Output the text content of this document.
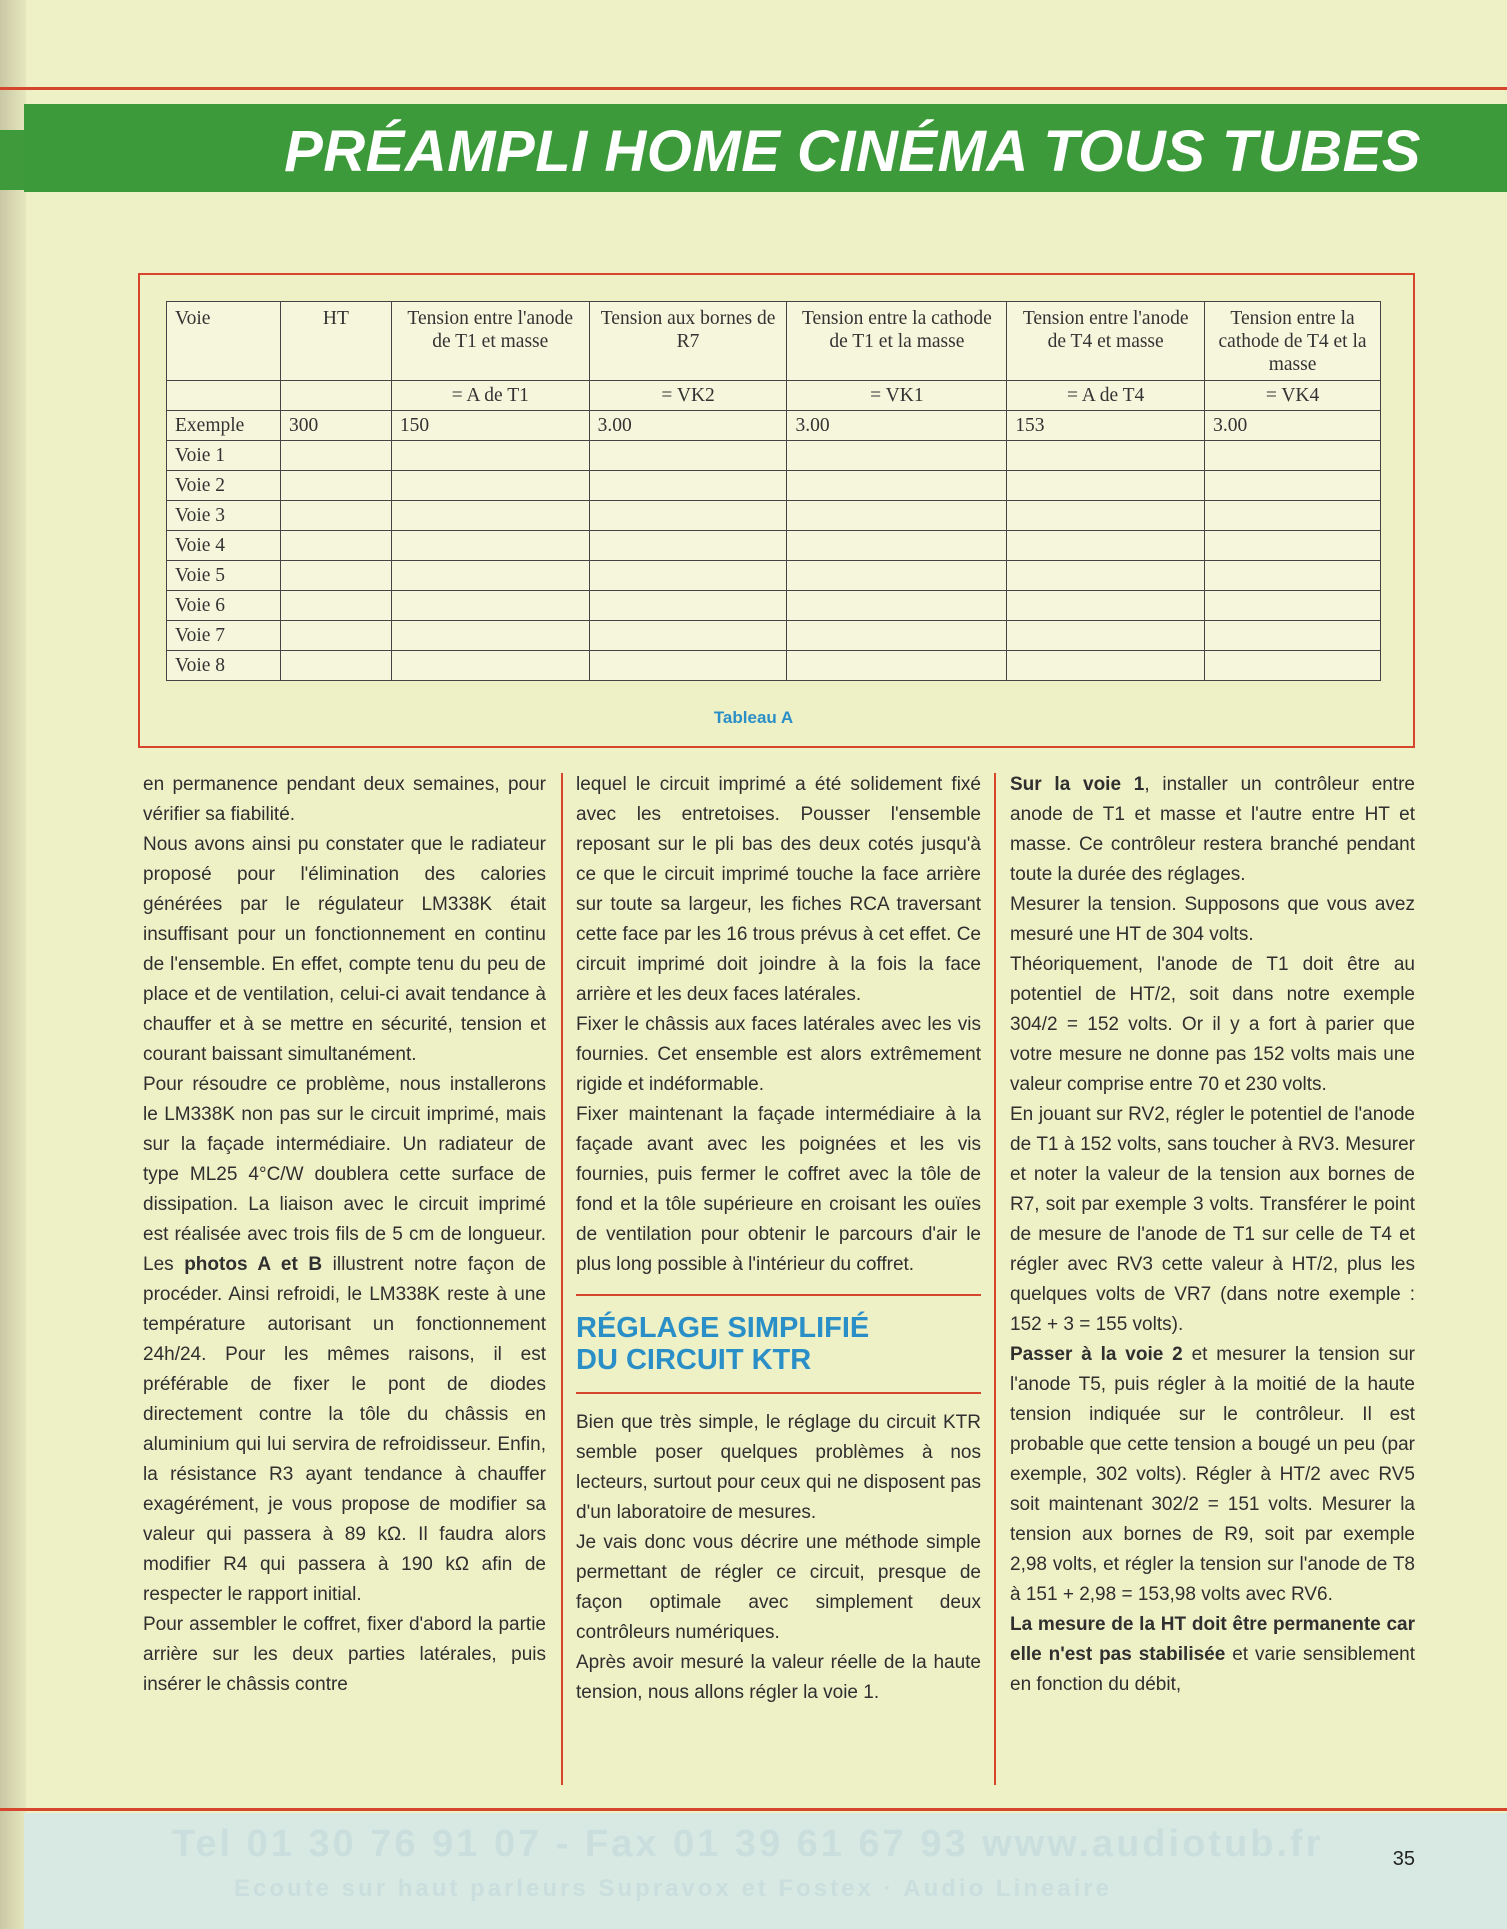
PRÉAMPLI HOME CINÉMA TOUS TUBES
Voie	HT	Tension entre l'anode de T1 et masse	Tension aux bornes de R7	Tension entre la cathode de T1 et la masse	Tension entre l'anode de T4 et masse	Tension entre la cathode de T4 et la masse
		= A de T1	= VK2	= VK1	= A de T4	= VK4
Exemple	300	150	3.00	3.00	153	3.00
Voie 1						
Voie 2						
Voie 3						
Voie 4						
Voie 5						
Voie 6						
Voie 7						
Voie 8						
Tableau A

en permanence pendant deux semaines, pour vérifier sa fiabilité.

Nous avons ainsi pu constater que le radiateur proposé pour l'élimination des calories générées par le régulateur LM338K était insuffisant pour un fonctionnement en continu de l'ensemble. En effet, compte tenu du peu de place et de ventilation, celui-ci avait tendance à chauffer et à se mettre en sécurité, tension et courant baissant simultanément.

Pour résoudre ce problème, nous installerons le LM338K non pas sur le circuit imprimé, mais sur la façade intermédiaire. Un radiateur de type ML25 4°C/W doublera cette surface de dissipation. La liaison avec le circuit imprimé est réalisée avec trois fils de 5 cm de longueur. Les photos A et B illustrent notre façon de procéder. Ainsi refroidi, le LM338K reste à une température autorisant un fonctionnement 24h/24. Pour les mêmes raisons, il est préférable de fixer le pont de diodes directement contre la tôle du châssis en aluminium qui lui servira de refroidisseur. Enfin, la résistance R3 ayant tendance à chauffer exagérément, je vous propose de modifier sa valeur qui passera à 89 kΩ. Il faudra alors modifier R4 qui passera à 190 kΩ afin de respecter le rapport initial.

Pour assembler le coffret, fixer d'abord la partie arrière sur les deux parties latérales, puis insérer le châssis contre

lequel le circuit imprimé a été solidement fixé avec les entretoises. Pousser l'ensemble reposant sur le pli bas des deux cotés jusqu'à ce que le circuit imprimé touche la face arrière sur toute sa largeur, les fiches RCA traversant cette face par les 16 trous prévus à cet effet. Ce circuit imprimé doit joindre à la fois la face arrière et les deux faces latérales.

Fixer le châssis aux faces latérales avec les vis fournies. Cet ensemble est alors extrêmement rigide et indéformable.

Fixer maintenant la façade intermédiaire à la façade avant avec les poignées et les vis fournies, puis fermer le coffret avec la tôle de fond et la tôle supérieure en croisant les ouïes de ventilation pour obtenir le parcours d'air le plus long possible à l'intérieur du coffret.

RÉGLAGE SIMPLIFIÉ
DU CIRCUIT KTR

Bien que très simple, le réglage du circuit KTR semble poser quelques problèmes à nos lecteurs, surtout pour ceux qui ne disposent pas d'un laboratoire de mesures.

Je vais donc vous décrire une méthode simple permettant de régler ce circuit, presque de façon optimale avec simplement deux contrôleurs numériques.

Après avoir mesuré la valeur réelle de la haute tension, nous allons régler la voie 1.

Sur la voie 1, installer un contrôleur entre anode de T1 et masse et l'autre entre HT et masse. Ce contrôleur restera branché pendant toute la durée des réglages.

Mesurer la tension. Supposons que vous avez mesuré une HT de 304 volts.

Théoriquement, l'anode de T1 doit être au potentiel de HT/2, soit dans notre exemple 304/2 = 152 volts. Or il y a fort à parier que votre mesure ne donne pas 152 volts mais une valeur comprise entre 70 et 230 volts.

En jouant sur RV2, régler le potentiel de l'anode de T1 à 152 volts, sans toucher à RV3. Mesurer et noter la valeur de la tension aux bornes de R7, soit par exemple 3 volts. Transférer le point de mesure de l'anode de T1 sur celle de T4 et régler avec RV3 cette valeur à HT/2, plus les quelques volts de VR7 (dans notre exemple : 152 + 3 = 155 volts).

Passer à la voie 2 et mesurer la tension sur l'anode T5, puis régler à la moitié de la haute tension indiquée sur le contrôleur. Il est probable que cette tension a bougé un peu (par exemple, 302 volts). Régler à HT/2 avec RV5 soit maintenant 302/2 = 151 volts. Mesurer la tension aux bornes de R9, soit par exemple 2,98 volts, et régler la tension sur l'anode de T8 à 151 + 2,98 = 153,98 volts avec RV6.

La mesure de la HT doit être permanente car elle n'est pas stabilisée et varie sensiblement en fonction du débit,

Tel 01 30 76 91 07 - Fax 01 39 61 67 93 www.audiotub.fr
Ecoute sur haut parleurs Supravox et Fostex · Audio Lineaire
35
